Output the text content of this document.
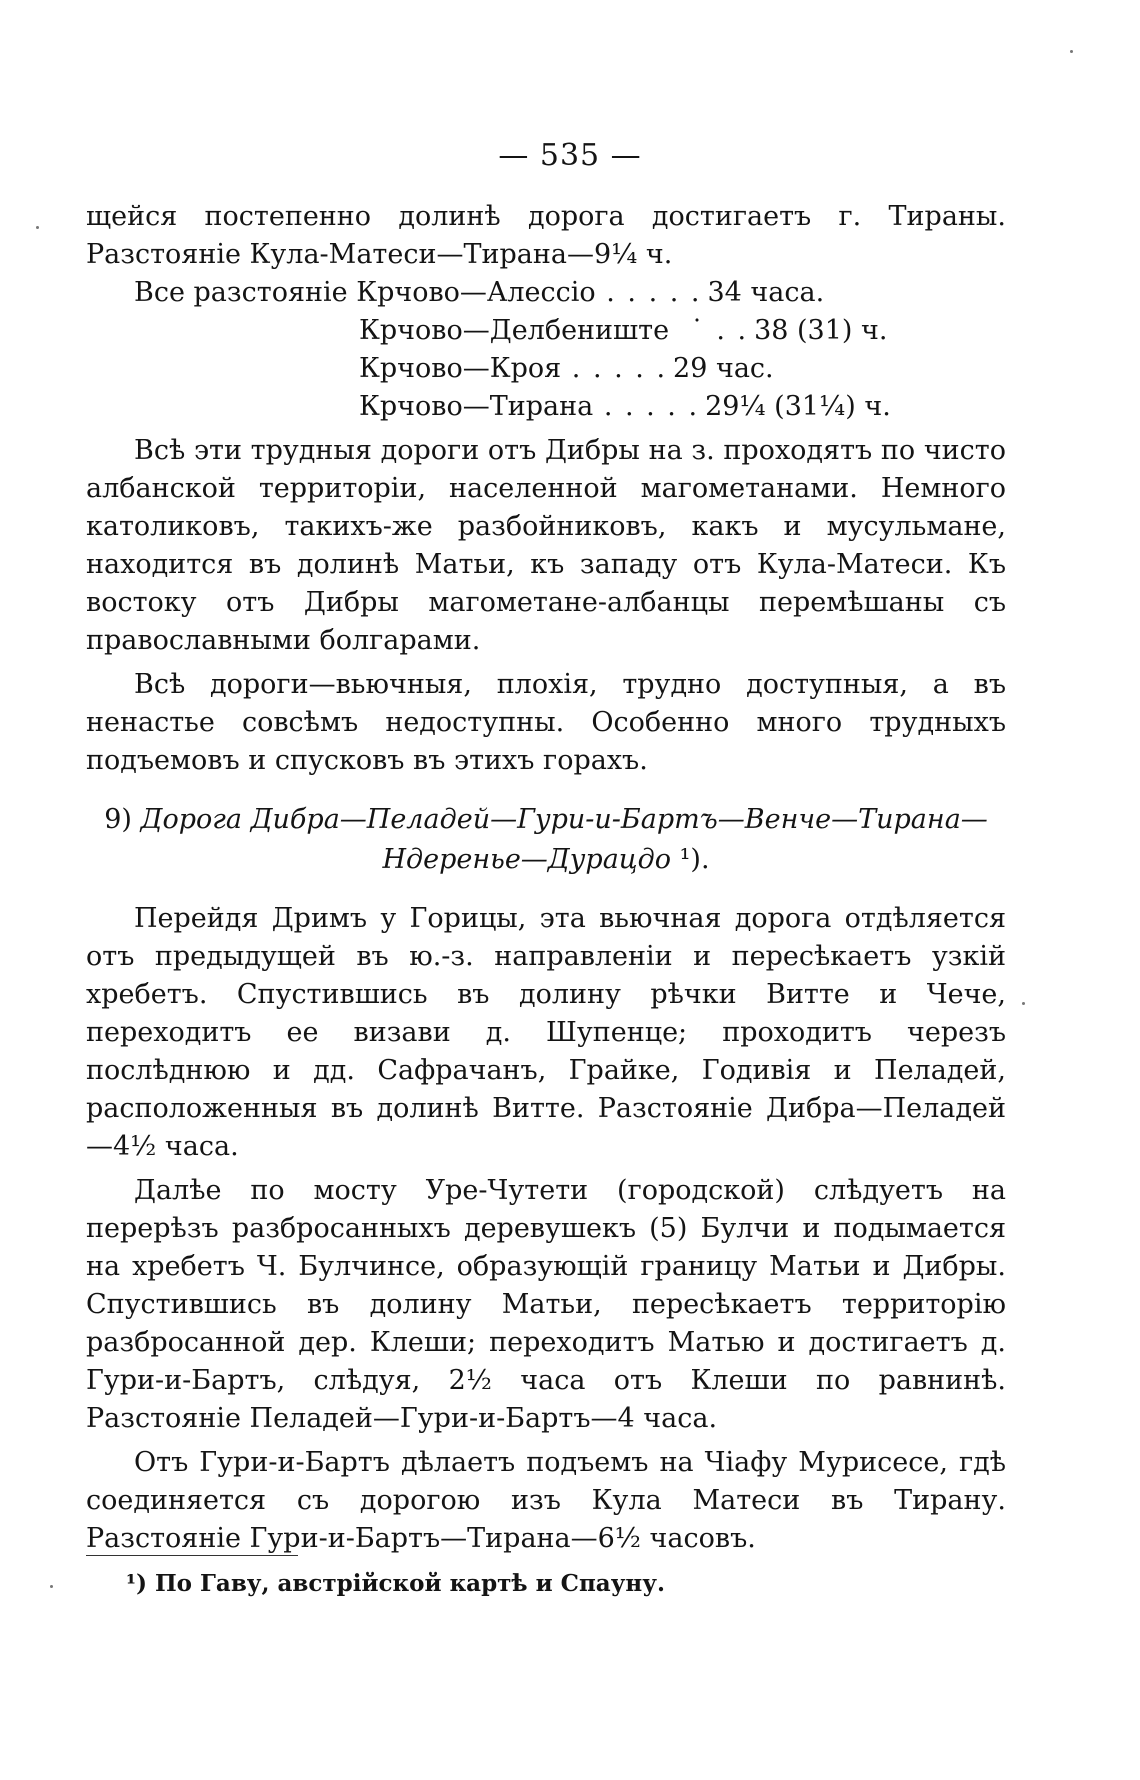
— 535 —

щейся постепенно долинѣ дорога достигаетъ г. Тираны. Разстояніе Кула-Матеси—Тирана—9¼ ч.

Все разстояніе Крчово—Алессіо . . . . . 34 часа.
Крчово—Делбениште ˙ . . 38 (31) ч.
Крчово—Кроя . . . . . 29 час.
Крчово—Тирана . . . . . 29¼ (31¼) ч.

Всѣ эти трудныя дороги отъ Дибры на з. проходятъ по чисто албанской территоріи, населенной магометанами. Немного католиковъ, такихъ-же разбойниковъ, какъ и мусульмане, находится въ долинѣ Матьи, къ западу отъ Кула-Матеси. Къ востоку отъ Дибры магометане-албанцы перемѣшаны съ православными болгарами.

Всѣ дороги—вьючныя, плохія, трудно доступныя, а въ ненастье совсѣмъ недоступны. Особенно много трудныхъ подъемовъ и спусковъ въ этихъ горахъ.

9) Дорога Дибра—Пеладей—Гури-и-Бартъ—Венче—Тирана—
Ндеренье—Дурацдо ¹).

Перейдя Дримъ у Горицы, эта вьючная дорога отдѣляется отъ предыдущей въ ю.-з. направленіи и пересѣкаетъ узкій хребетъ. Спустившись въ долину рѣчки Витте и Чече, переходитъ ее визави д. Шупенце; проходитъ черезъ послѣднюю и дд. Сафрачанъ, Грайке, Годивія и Пеладей, расположенныя въ долинѣ Витте. Разстояніе Дибра—Пеладей—4½ часа.

Далѣе по мосту Уре-Чутети (городской) слѣдуетъ на перерѣзъ разбросанныхъ деревушекъ (5) Булчи и подымается на хребетъ Ч. Булчинсе, образующій границу Матьи и Дибры. Спустившись въ долину Матьи, пересѣкаетъ территорію разбросанной дер. Клеши; переходитъ Матью и достигаетъ д. Гури-и-Бартъ, слѣдуя, 2½ часа отъ Клеши по равнинѣ. Разстояніе Пеладей—Гури-и-Бартъ—4 часа.

Отъ Гури-и-Бартъ дѣлаетъ подъемъ на Чіафу Мурисесе, гдѣ соединяется съ дорогою изъ Кула Матеси въ Тирану. Разстояніе Гури-и-Бартъ—Тирана—6½ часовъ.

¹) По Гаву, австрійской картѣ и Спауну.
